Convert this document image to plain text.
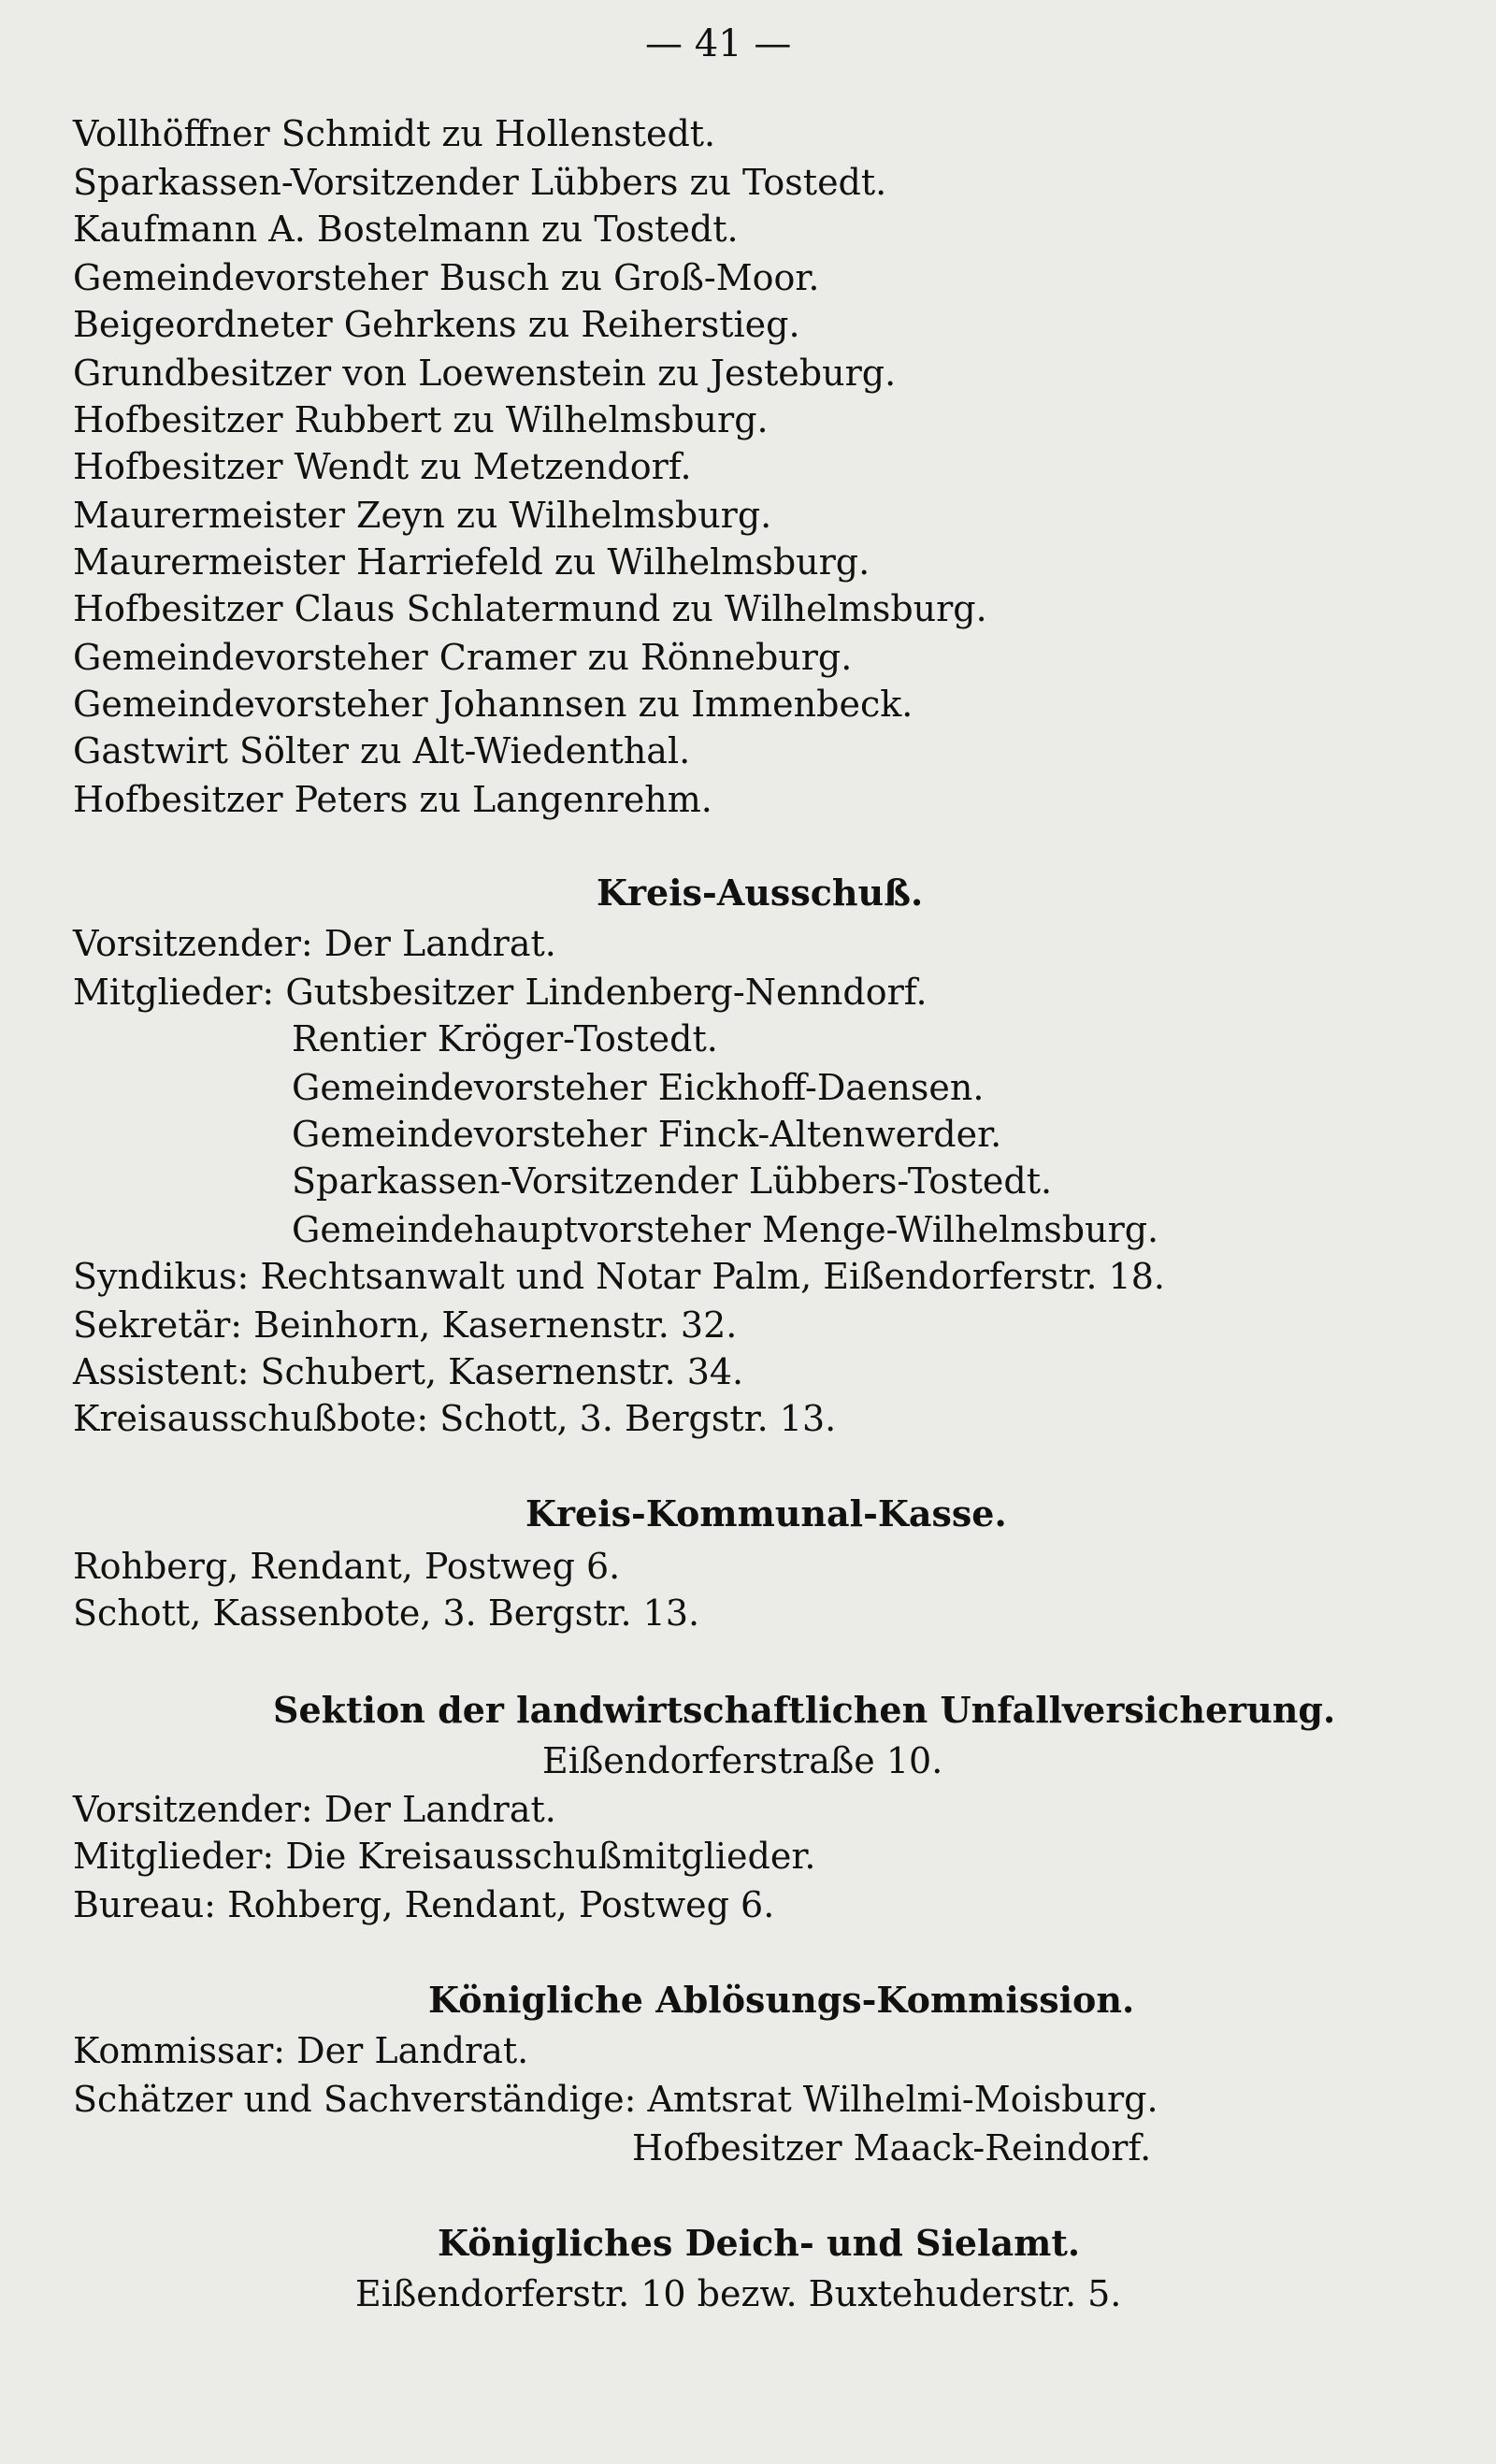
— 41 —
Vollhöffner Schmidt zu Hollenstedt.
Sparkassen-Vorsitzender Lübbers zu Tostedt.
Kaufmann A. Bostelmann zu Tostedt.
Gemeindevorsteher Busch zu Groß-Moor.
Beigeordneter Gehrkens zu Reiherstieg.
Grundbesitzer von Loewenstein zu Jesteburg.
Hofbesitzer Rubbert zu Wilhelmsburg.
Hofbesitzer Wendt zu Metzendorf.
Maurermeister Zeyn zu Wilhelmsburg.
Maurermeister Harriefeld zu Wilhelmsburg.
Hofbesitzer Claus Schlatermund zu Wilhelmsburg.
Gemeindevorsteher Cramer zu Rönneburg.
Gemeindevorsteher Johannsen zu Immenbeck.
Gastwirt Sölter zu Alt-Wiedenthal.
Hofbesitzer Peters zu Langenrehm.
Kreis-Ausschuß.
Vorsitzender: Der Landrat.
Mitglieder: Gutsbesitzer Lindenberg-Nenndorf.
Rentier Kröger-Tostedt.
Gemeindevorsteher Eickhoff-Daensen.
Gemeindevorsteher Finck-Altenwerder.
Sparkassen-Vorsitzender Lübbers-Tostedt.
Gemeindehauptvorsteher Menge-Wilhelmsburg.
Syndikus: Rechtsanwalt und Notar Palm, Eißendorferstr. 18.
Sekretär: Beinhorn, Kasernenstr. 32.
Assistent: Schubert, Kasernenstr. 34.
Kreisausschußbote: Schott, 3. Bergstr. 13.
Kreis-Kommunal-Kasse.
Rohberg, Rendant, Postweg 6.
Schott, Kassenbote, 3. Bergstr. 13.
Sektion der landwirtschaftlichen Unfallversicherung.
Eißendorferstraße 10.
Vorsitzender: Der Landrat.
Mitglieder: Die Kreisausschußmitglieder.
Bureau: Rohberg, Rendant, Postweg 6.
Königliche Ablösungs-Kommission.
Kommissar: Der Landrat.
Schätzer und Sachverständige: Amtsrat Wilhelmi-Moisburg.
Hofbesitzer Maack-Reindorf.
Königliches Deich- und Sielamt.
Eißendorferstr. 10 bezw. Buxtehuderstr. 5.
